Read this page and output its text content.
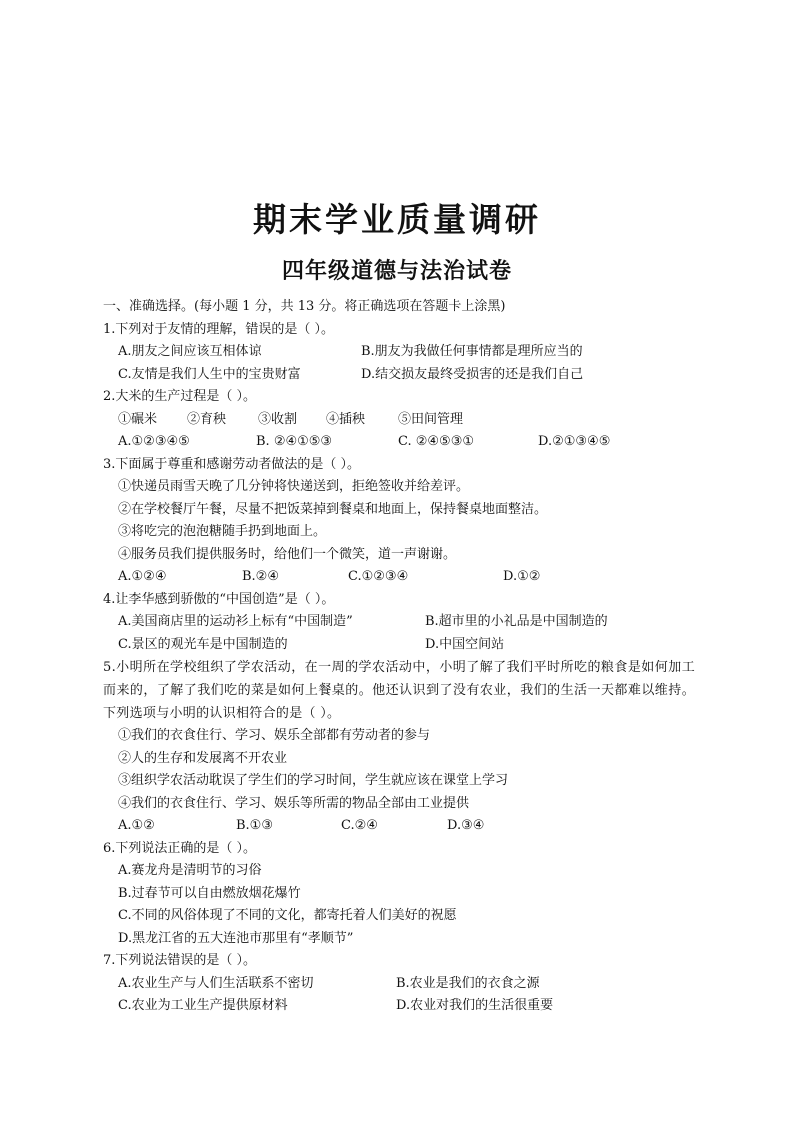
期末学业质量调研
四年级道德与法治试卷
一、准确选择。(每小题 1 分，共 13 分。将正确选项在答题卡上涂黑)
1.下列对于友情的理解，错误的是（ ）。
A.朋友之间应该互相体谅	B.朋友为我做任何事情都是理所应当的
C.友情是我们人生中的宝贵财富	D.结交损友最终受损害的还是我们自己
2.大米的生产过程是（ ）。
①碾米 ②育秧 ③收割 ④插秧	⑤田间管理
A.①②③④⑤	B. ②④①⑤③	C. ②④⑤③①	D.②①③④⑤
3.下面属于尊重和感谢劳动者做法的是（ ）。
①快递员雨雪天晚了几分钟将快递送到，拒绝签收并给差评。
②在学校餐厅午餐，尽量不把饭菜掉到餐桌和地面上，保持餐桌地面整洁。
③将吃完的泡泡糖随手扔到地面上。
④服务员我们提供服务时，给他们一个微笑，道一声谢谢。
A.①②④	B.②④	C.①②③④	D.①②
4.让李华感到骄傲的“中国创造”是（ ）。
A.美国商店里的运动衫上标有“中国制造”	B.超市里的小礼品是中国制造的
C.景区的观光车是中国制造的	D.中国空间站
5.小明所在学校组织了学农活动，在一周的学农活动中，小明了解了我们平时所吃的粮食是如何加工而来的，了解了我们吃的菜是如何上餐桌的。他还认识到了没有农业，我们的生活一天都难以维持。下列选项与小明的认识相符合的是（ ）。
①我们的衣食住行、学习、娱乐全部都有劳动者的参与
②人的生存和发展离不开农业
③组织学农活动耽误了学生们的学习时间，学生就应该在课堂上学习
④我们的衣食住行、学习、娱乐等所需的物品全部由工业提供
A.①②	B.①③	C.②④	D.③④
6.下列说法正确的是（ ）。
A.赛龙舟是清明节的习俗
B.过春节可以自由燃放烟花爆竹
C.不同的风俗体现了不同的文化，都寄托着人们美好的祝愿
D.黑龙江省的五大连池市那里有“孝顺节”
7.下列说法错误的是（ ）。
A.农业生产与人们生活联系不密切	B.农业是我们的衣食之源
C.农业为工业生产提供原材料	D.农业对我们的生活很重要
